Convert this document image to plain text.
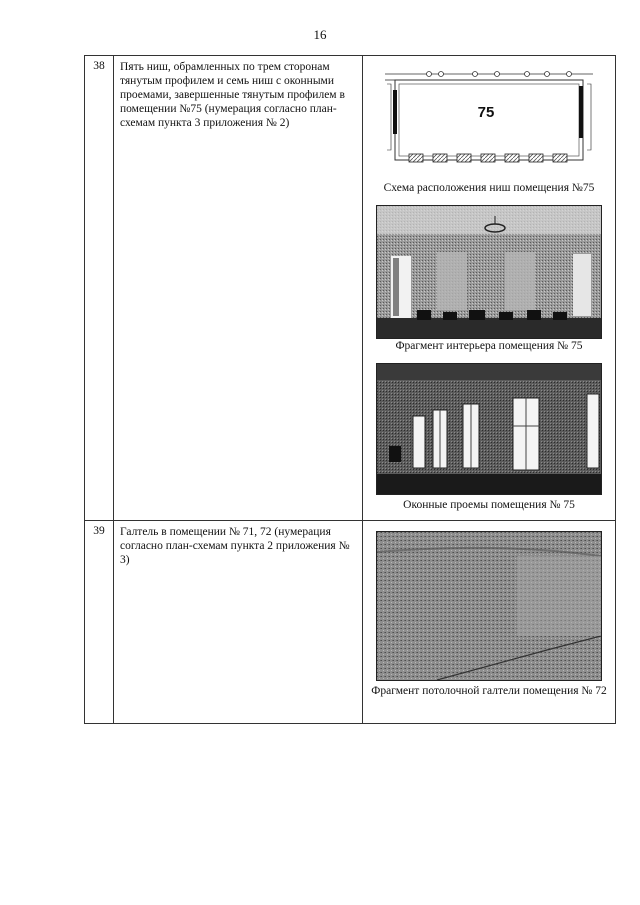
16
38	Пять ниш, обрамленных по трем сторонам тянутым профилем и семь ниш с оконными проемами, завершенные тянутым профилем в помещении №75 (нумерация согласно план-схемам пункта 3 приложения № 2)	75
Схема расположения ниш помещения №75
Фрагмент интерьера помещения № 75
Оконные проемы помещения № 75

39	Галтель в помещении № 71, 72 (нумерация согласно план-схемам пункта 2 приложения № 3)	Фрагмент потолочной галтели помещения № 72
